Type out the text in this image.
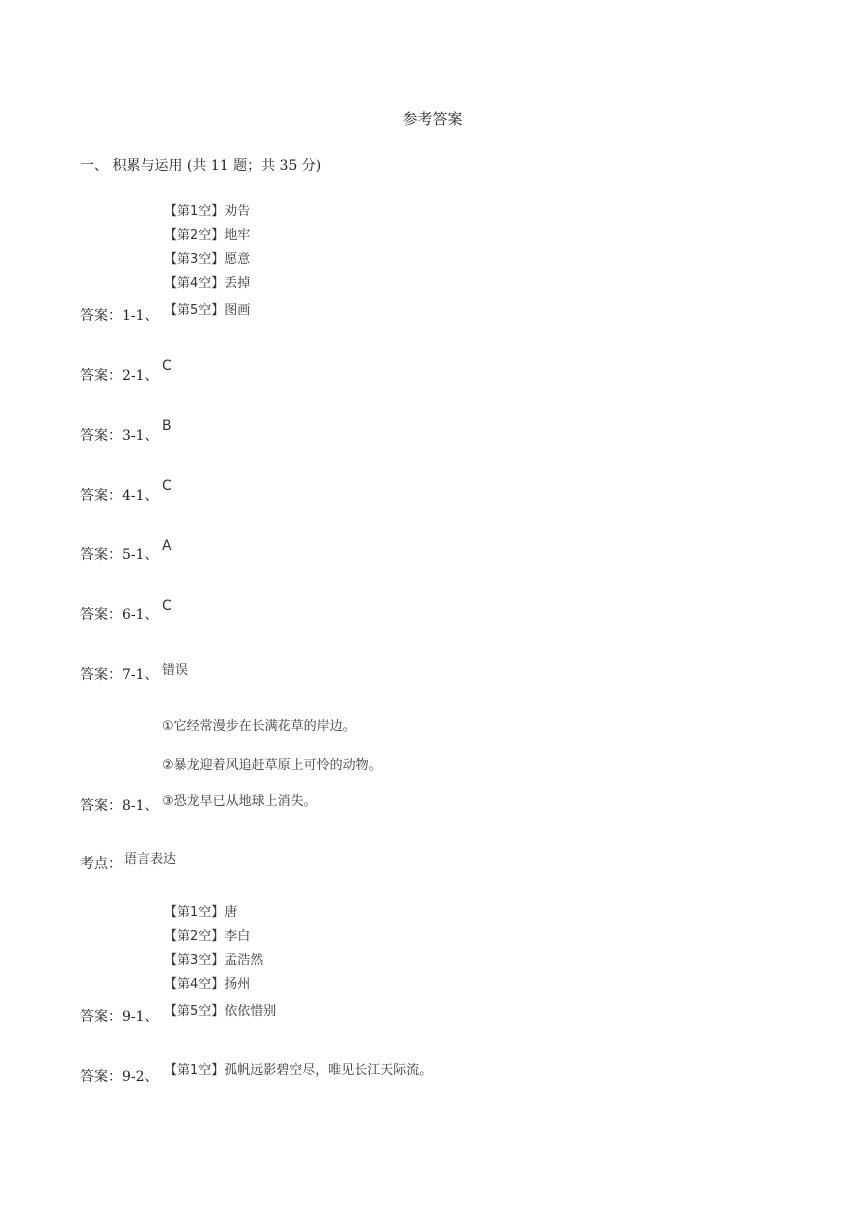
参考答案
一、 积累与运用 (共 11 题；共 35 分)
【第1空】劝告
【第2空】地牢
【第3空】愿意
【第4空】丢掉
答案：1-1、 【第5空】图画
答案：2-1、
C
答案：3-1、
B
答案：4-1、
C
答案：5-1、
A
答案：6-1、
C
答案：7-1、 错误
①它经常漫步在长满花草的岸边。
②暴龙迎着风追赶草原上可怜的动物。
答案：8-1、 ③恐龙早已从地球上消失。
考点： 语言表达
【第1空】唐
【第2空】李白
【第3空】孟浩然
【第4空】扬州
答案：9-1、 【第5空】依依惜别
答案：9-2、 【第1空】孤帆远影碧空尽，唯见长江天际流。
